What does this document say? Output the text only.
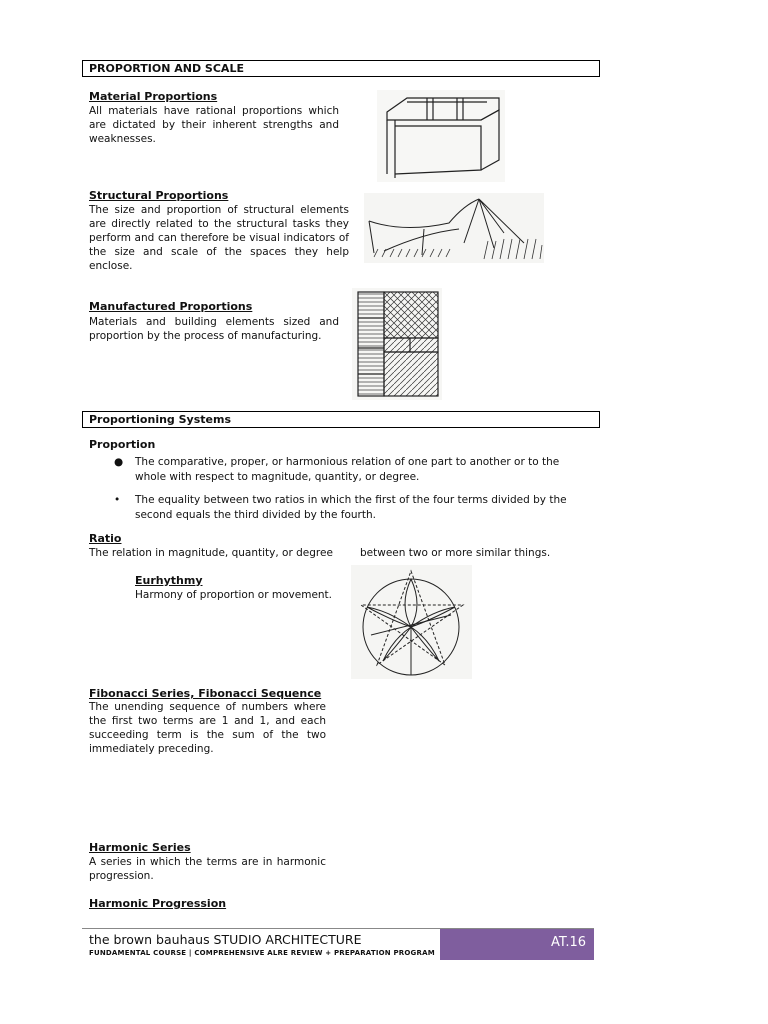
PROPORTION AND SCALE
Material Proportions
All materials have rational proportions which are dictated by their inherent strengths and weaknesses.
Structural Proportions
The size and proportion of structural elements are directly related to the structural tasks they perform and can therefore be visual indicators of the size and scale of the spaces they help enclose.
Manufactured Proportions
Materials and building elements sized and proportion by the process of manufacturing.
Proportioning Systems
Proportion
● The comparative, proper, or harmonious relation of one part to another or to the whole with respect to magnitude, quantity, or degree.
• The equality between two ratios in which the first of the four terms divided by the second equals the third divided by the fourth.
Ratio
The relation in magnitude, quantity, or degree	between two or more similar things.
Eurhythmy
Harmony of proportion or movement.
Fibonacci Series, Fibonacci Sequence
The unending sequence of numbers where the first two terms are 1 and 1, and each succeeding term is the sum of the two immediately preceding.
Harmonic Series
A series in which the terms are in harmonic progression.
Harmonic Progression
the brown bauhaus STUDIO ARCHITECTURE
FUNDAMENTAL COURSE | COMPREHENSIVE ALRE REVIEW + PREPARATION PROGRAM
AT.16
